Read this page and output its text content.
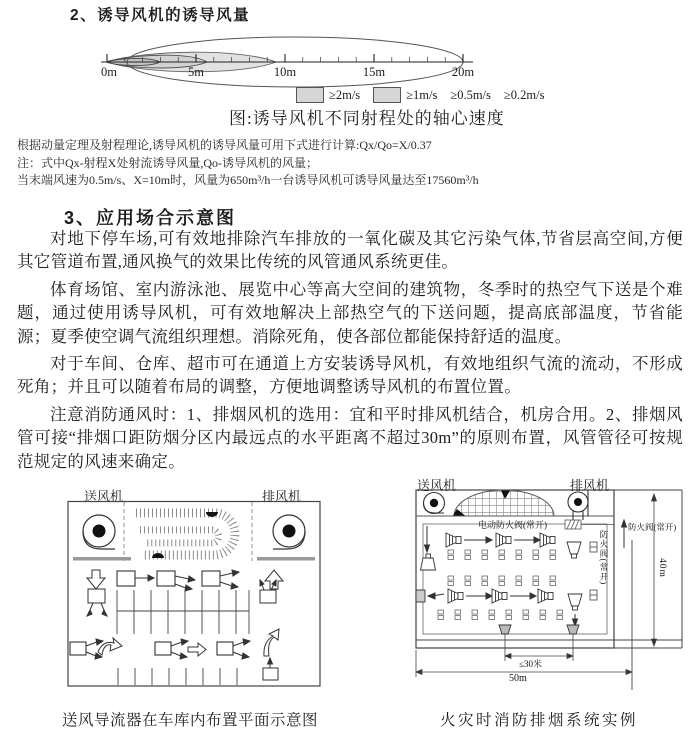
2、诱导风机的诱导风量
0m	5m	10m	15m	20m
≥2m/s	≥1m/s ≥0.5m/s ≥0.2m/s
图:诱导风机不同射程处的轴心速度
根据动量定理及射程理论,诱导风机的诱导风量可用下式进行计算:Qx/Qo=X/0.37
注：式中Qx-射程X处射流诱导风量,Qo-诱导风机的风量；
当末端风速为0.5m/s、X=10m时，风量为650m³/h一台诱导风机可诱导风量达至17560m³/h
3、应用场合示意图

对地下停车场,可有效地排除汽车排放的一氧化碳及其它污染气体,节省层高空间,方便其它管道布置,通风换气的效果比传统的风管通风系统更佳。

体育场馆、室内游泳池、展览中心等高大空间的建筑物，冬季时的热空气下送是个难题，通过使用诱导风机，可有效地解决上部热空气的下送问题，提高底部温度，节省能源；夏季使空调气流组织理想。消除死角，使各部位都能保持舒适的温度。

对于车间、仓库、超市可在通道上方安装诱导风机，有效地组织气流的流动，不形成死角；并且可以随着布局的调整，方便地调整诱导风机的布置位置。

注意消防通风时：1、排烟风机的选用：宜和平时排风机结合，机房合用。2、排烟风管可接“排烟口距防烟分区内最远点的水平距离不超过30m”的原则布置，风管管径可按规范规定的风速来确定。

送风机	排风机
送风机	排风机
电动防火阀(常开)	防火阀(常开)
防火阀(常开)	40m
≤30米
50m
送风导流器在车库内布置平面示意图	火灾时消防排烟系统实例
